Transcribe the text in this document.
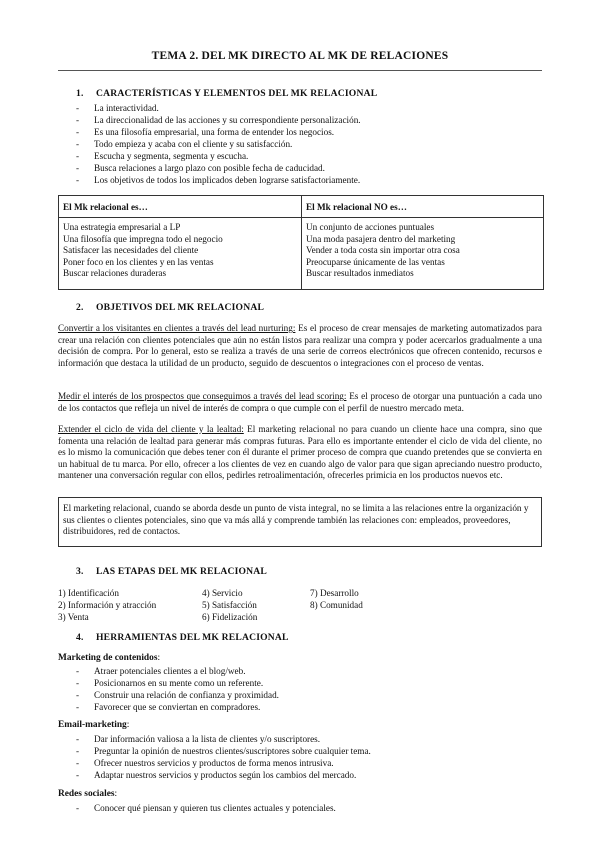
TEMA 2. DEL MK DIRECTO AL MK DE RELACIONES
1. CARACTERÍSTICAS Y ELEMENTOS DEL MK RELACIONAL
- La interactividad.
- La direccionalidad de las acciones y su correspondiente personalización.
- Es una filosofía empresarial, una forma de entender los negocios.
- Todo empieza y acaba con el cliente y su satisfacción.
- Escucha y segmenta, segmenta y escucha.
- Busca relaciones a largo plazo con posible fecha de caducidad.
- Los objetivos de todos los implicados deben lograrse satisfactoriamente.
El Mk relacional es…
Una estrategia empresarial a LP
Una filosofía que impregna todo el negocio
Satisfacer las necesidades del cliente
Poner foco en los clientes y en las ventas
Buscar relaciones duraderas
El Mk relacional NO es…
Un conjunto de acciones puntuales
Una moda pasajera dentro del marketing
Vender a toda costa sin importar otra cosa
Preocuparse únicamente de las ventas
Buscar resultados inmediatos
2. OBJETIVOS DEL MK RELACIONAL
Convertir a los visitantes en clientes a través del lead nurturing: Es el proceso de crear mensajes de marketing automatizados para crear una relación con clientes potenciales que aún no están listos para realizar una compra y poder acercarlos gradualmente a una decisión de compra. Por lo general, esto se realiza a través de una serie de correos electrónicos que ofrecen contenido, recursos e información que destaca la utilidad de un producto, seguido de descuentos o integraciones con el proceso de ventas.
Medir el interés de los prospectos que conseguimos a través del lead scoring: Es el proceso de otorgar una puntuación a cada uno de los contactos que refleja un nivel de interés de compra o que cumple con el perfil de nuestro mercado meta.
Extender el ciclo de vida del cliente y la lealtad: El marketing relacional no para cuando un cliente hace una compra, sino que fomenta una relación de lealtad para generar más compras futuras. Para ello es importante entender el ciclo de vida del cliente, no es lo mismo la comunicación que debes tener con él durante el primer proceso de compra que cuando pretendes que se convierta en un habitual de tu marca. Por ello, ofrecer a los clientes de vez en cuando algo de valor para que sigan apreciando nuestro producto, mantener una conversación regular con ellos, pedirles retroalimentación, ofrecerles primicia en los productos nuevos etc.
El marketing relacional, cuando se aborda desde un punto de vista integral, no se limita a las relaciones entre la organización y sus clientes o clientes potenciales, sino que va más allá y comprende también las relaciones con: empleados, proveedores, distribuidores, red de contactos.
3. LAS ETAPAS DEL MK RELACIONAL
1) Identificación
2) Información y atracción
3) Venta
4) Servicio
5) Satisfacción
6) Fidelización
7) Desarrollo
8) Comunidad
4. HERRAMIENTAS DEL MK RELACIONAL
Marketing de contenidos:
- Atraer potenciales clientes a el blog/web.
- Posicionarnos en su mente como un referente.
- Construir una relación de confianza y proximidad.
- Favorecer que se conviertan en compradores.
Email-marketing:
- Dar información valiosa a la lista de clientes y/o suscriptores.
- Preguntar la opinión de nuestros clientes/suscriptores sobre cualquier tema.
- Ofrecer nuestros servicios y productos de forma menos intrusiva.
- Adaptar nuestros servicios y productos según los cambios del mercado.
Redes sociales:
- Conocer qué piensan y quieren tus clientes actuales y potenciales.
